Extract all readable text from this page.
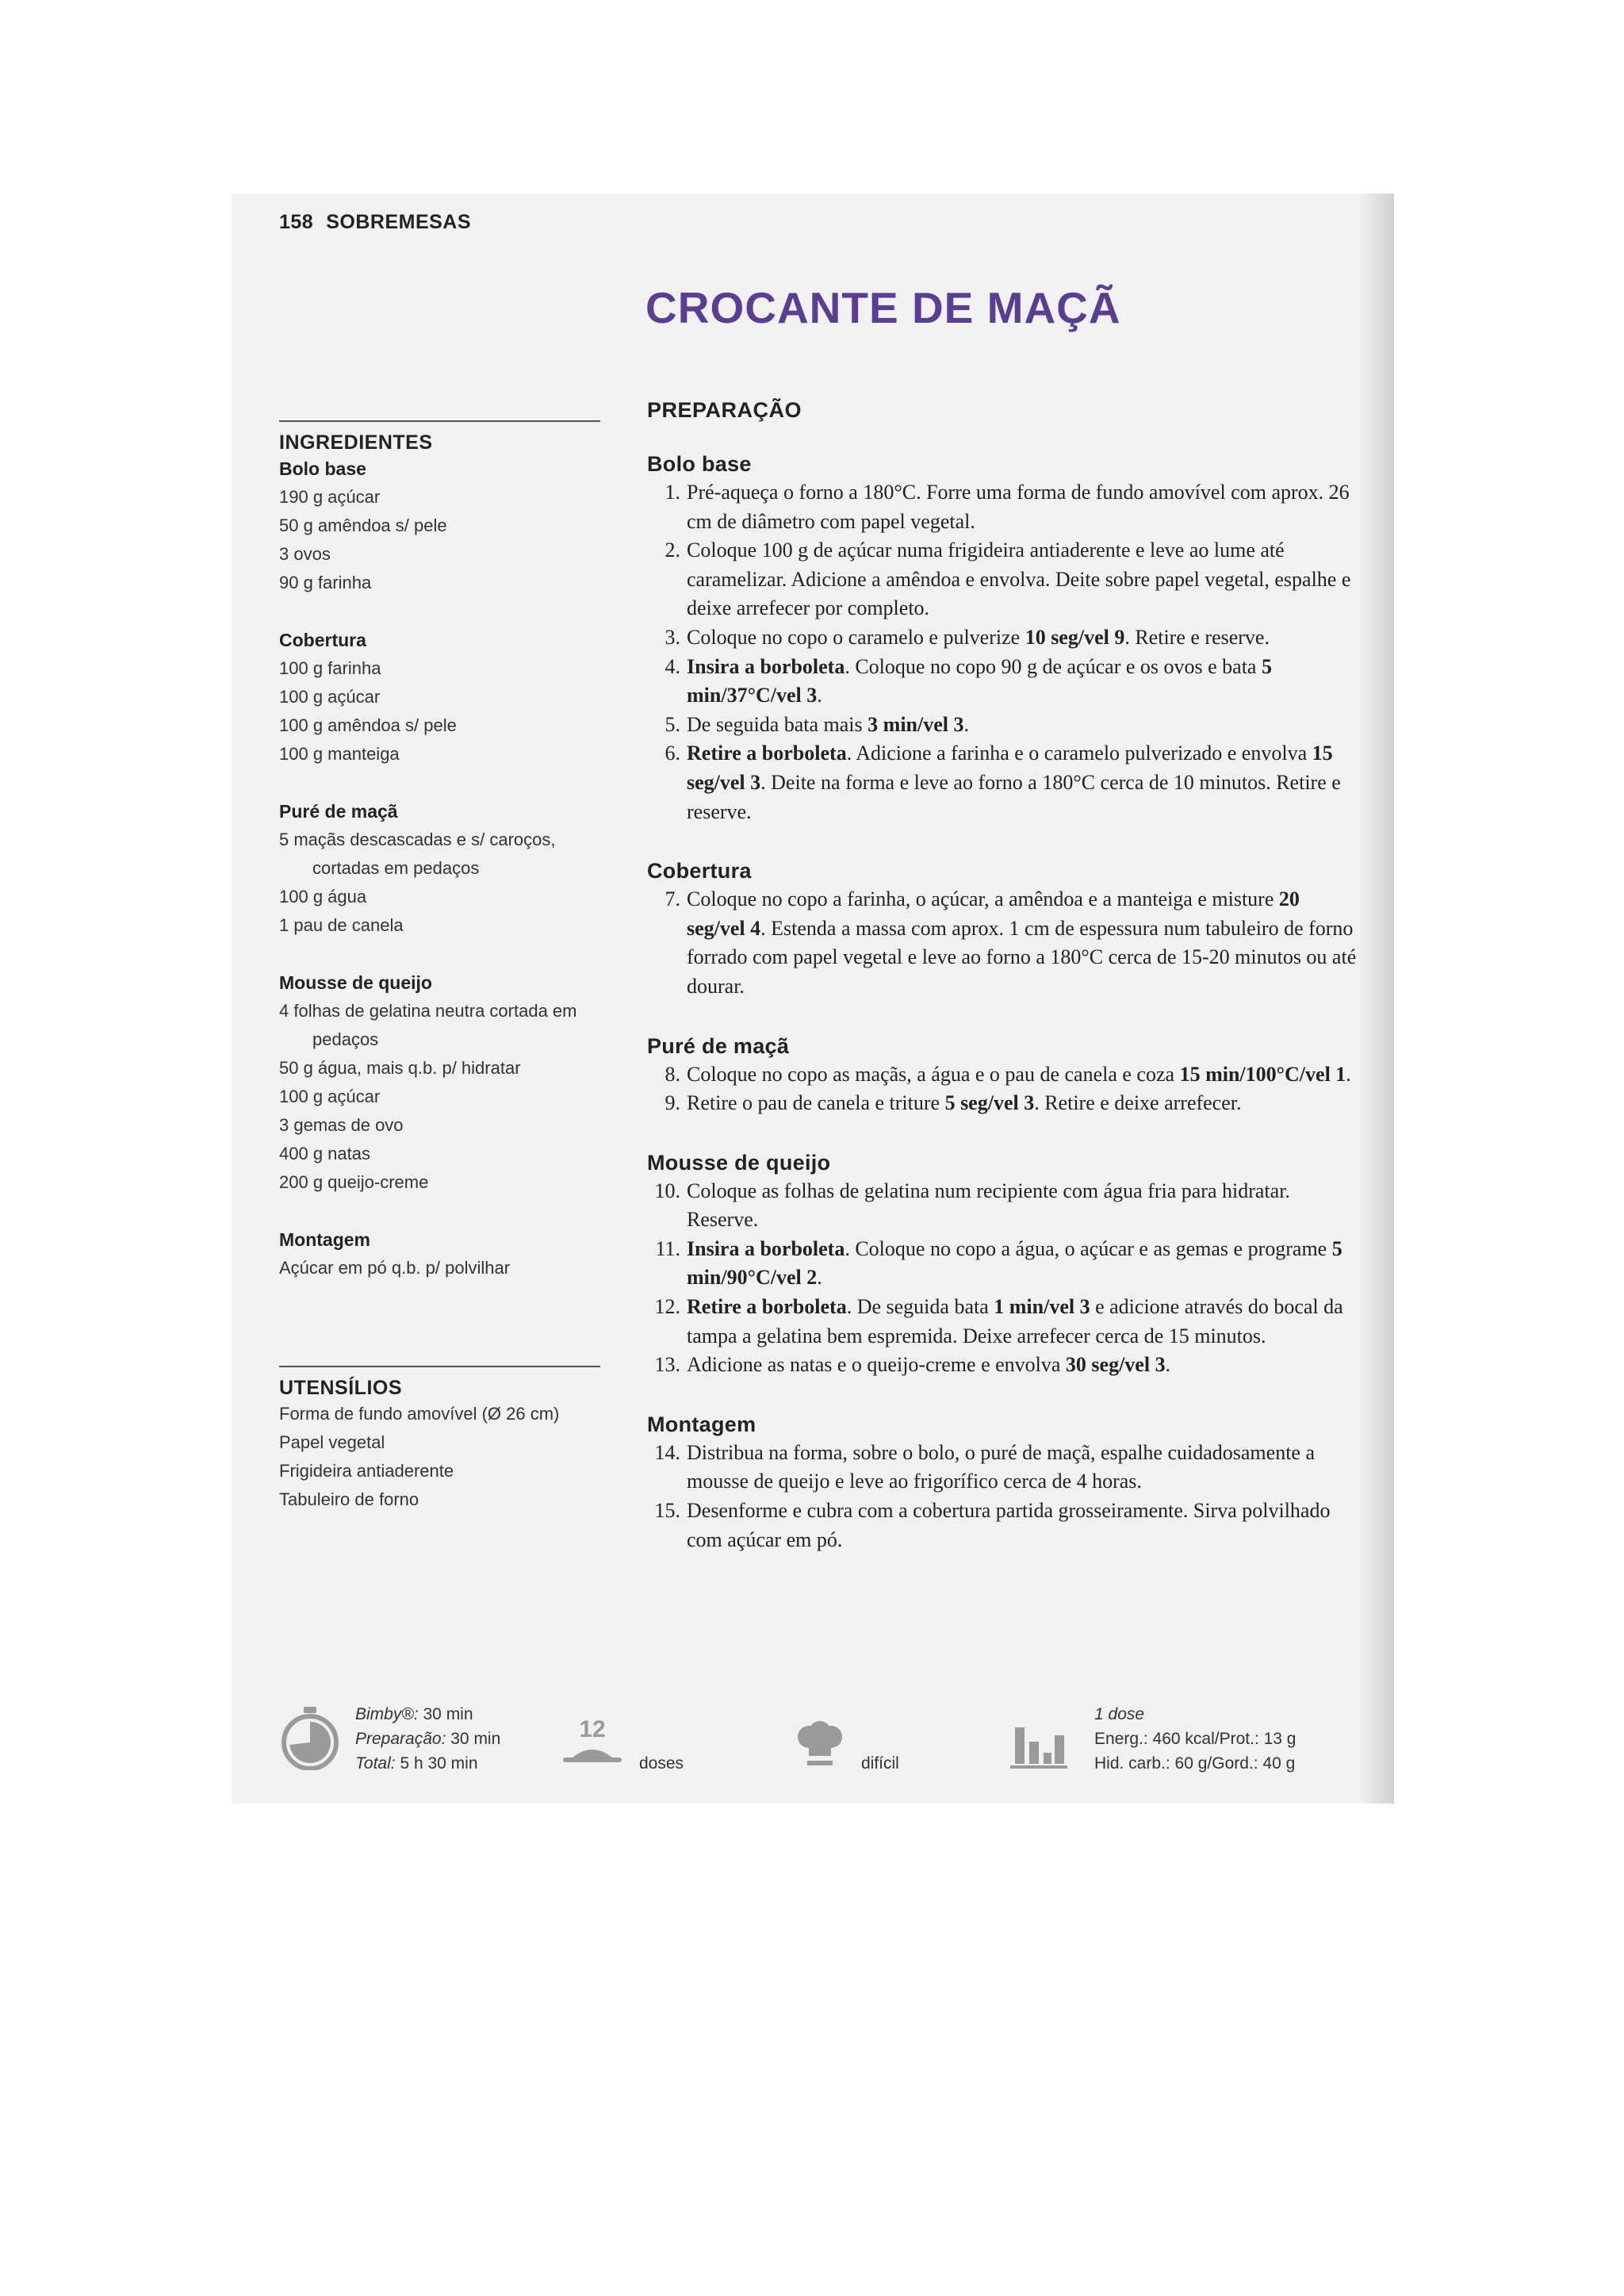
158 SOBREMESAS
CROCANTE DE MAÇÃ
INGREDIENTES
Bolo base
190 g açúcar
50 g amêndoa s/ pele
3 ovos
90 g farinha
Cobertura
100 g farinha
100 g açúcar
100 g amêndoa s/ pele
100 g manteiga
Puré de maçã
5 maçãs descascadas e s/ caroços, cortadas em pedaços
100 g água
1 pau de canela
Mousse de queijo
4 folhas de gelatina neutra cortada em pedaços
50 g água, mais q.b. p/ hidratar
100 g açúcar
3 gemas de ovo
400 g natas
200 g queijo-creme
Montagem
Açúcar em pó q.b. p/ polvilhar
UTENSÍLIOS
Forma de fundo amovível (Ø 26 cm)
Papel vegetal
Frigideira antiaderente
Tabuleiro de forno
PREPARAÇÃO
Bolo base
1. Pré-aqueça o forno a 180°C. Forre uma forma de fundo amovível com aprox. 26 cm de diâmetro com papel vegetal.
2. Coloque 100 g de açúcar numa frigideira antiaderente e leve ao lume até caramelizar. Adicione a amêndoa e envolva. Deite sobre papel vegetal, espalhe e deixe arrefecer por completo.
3. Coloque no copo o caramelo e pulverize 10 seg/vel 9. Retire e reserve.
4. Insira a borboleta. Coloque no copo 90 g de açúcar e os ovos e bata 5 min/37°C/vel 3.
5. De seguida bata mais 3 min/vel 3.
6. Retire a borboleta. Adicione a farinha e o caramelo pulverizado e envolva 15 seg/vel 3. Deite na forma e leve ao forno a 180°C cerca de 10 minutos. Retire e reserve.
Cobertura
7. Coloque no copo a farinha, o açúcar, a amêndoa e a manteiga e misture 20 seg/vel 4. Estenda a massa com aprox. 1 cm de espessura num tabuleiro de forno forrado com papel vegetal e leve ao forno a 180°C cerca de 15-20 minutos ou até dourar.
Puré de maçã
8. Coloque no copo as maçãs, a água e o pau de canela e coza 15 min/100°C/vel 1.
9. Retire o pau de canela e triture 5 seg/vel 3. Retire e deixe arrefecer.
Mousse de queijo
10. Coloque as folhas de gelatina num recipiente com água fria para hidratar. Reserve.
11. Insira a borboleta. Coloque no copo a água, o açúcar e as gemas e programe 5 min/90°C/vel 2.
12. Retire a borboleta. De seguida bata 1 min/vel 3 e adicione através do bocal da tampa a gelatina bem espremida. Deixe arrefecer cerca de 15 minutos.
13. Adicione as natas e o queijo-creme e envolva 30 seg/vel 3.
Montagem
14. Distribua na forma, sobre o bolo, o puré de maçã, espalhe cuidadosamente a mousse de queijo e leve ao frigorífico cerca de 4 horas.
15. Desenforme e cubra com a cobertura partida grosseiramente. Sirva polvilhado com açúcar em pó.
Bimby®: 30 min
Preparação: 30 min
Total: 5 h 30 min
12
doses	difícil
1 dose
Energ.: 460 kcal/Prot.: 13 g
Hid. carb.: 60 g/Gord.: 40 g
